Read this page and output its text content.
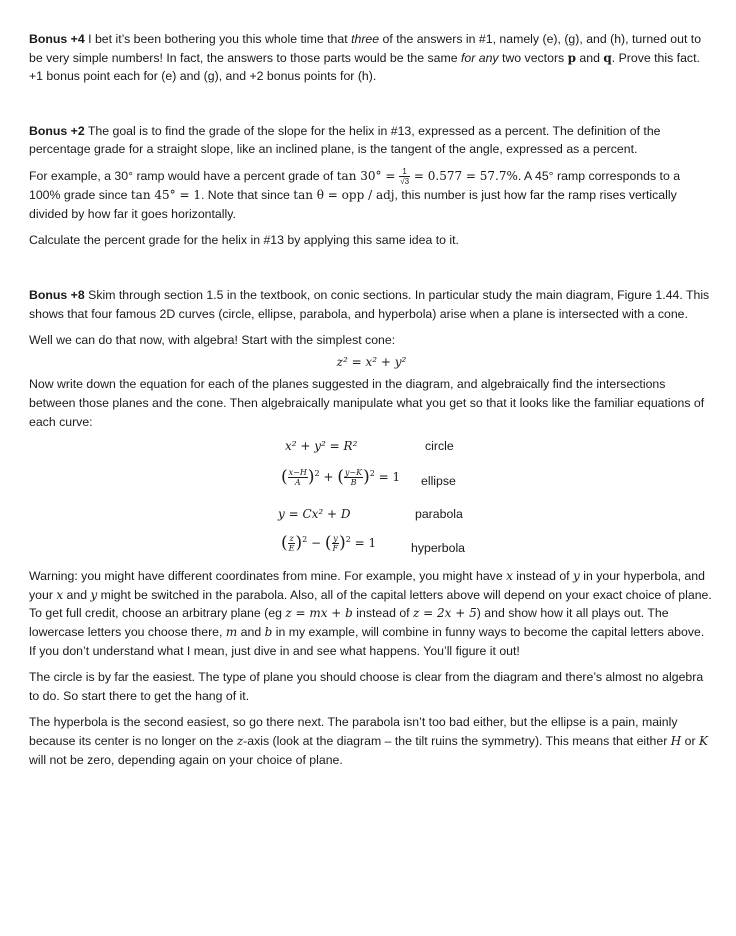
Bonus +4 I bet it’s been bothering you this whole time that three of the answers in #1, namely (e), (g), and (h), turned out to be very simple numbers! In fact, the answers to those parts would be the same for any two vectors p and q. Prove this fact. +1 bonus point each for (e) and (g), and +2 bonus points for (h).

Bonus +2 The goal is to find the grade of the slope for the helix in #13, expressed as a percent. The definition of the percentage grade for a straight slope, like an inclined plane, is the tangent of the angle, expressed as a percent.

For example, a 30° ramp would have a percent grade of $\tan 30^\circ = \frac{1}{√3} = 0.577 = 57.7\%$. A 45° ramp corresponds to a 100% grade since tan 45° = 1. Note that since tan θ = opp / adj, this number is just how far the ramp rises vertically divided by how far it goes horizontally.

Calculate the percent grade for the helix in #13 by applying this same idea to it.

Bonus +8 Skim through section 1.5 in the textbook, on conic sections. In particular study the main diagram, Figure 1.44. This shows that four famous 2D curves (circle, ellipse, parabola, and hyperbola) arise when a plane is intersected with a cone.

Well we can do that now, with algebra! Start with the simplest cone:

z² = x² + y²

Now write down the equation for each of the planes suggested in the diagram, and algebraically find the intersections between those planes and the cone. Then algebraically manipulate what you get so that it looks like the familiar equations of each curve:

x² + y² = R²	circle
( $\frac{x-H}{A} )^2$ + ( $\frac{y-K}{B} )^2 = 1$ ellipse
y = Cx² + D	parabola
( $\frac{z}{E} )^2$ − ( $\frac{y}{F} )^2 = 1$	hyperbola

Warning: you might have different coordinates from mine. For example, you might have x instead of y in your hyperbola, and your x and y might be switched in the parabola. Also, all of the capital letters above will depend on your exact choice of plane. To get full credit, choose an arbitrary plane (eg z = mx + b instead of z = 2x + 5) and show how it all plays out. The lowercase letters you choose there, m and b in my example, will combine in funny ways to become the capital letters above. If you don’t understand what I mean, just dive in and see what happens. You’ll figure it out!

The circle is by far the easiest. The type of plane you should choose is clear from the diagram and there’s almost no algebra to do. So start there to get the hang of it.

The hyperbola is the second easiest, so go there next. The parabola isn’t too bad either, but the ellipse is a pain, mainly because its center is no longer on the z-axis (look at the diagram – the tilt ruins the symmetry). This means that either H or K will not be zero, depending again on your choice of plane.
